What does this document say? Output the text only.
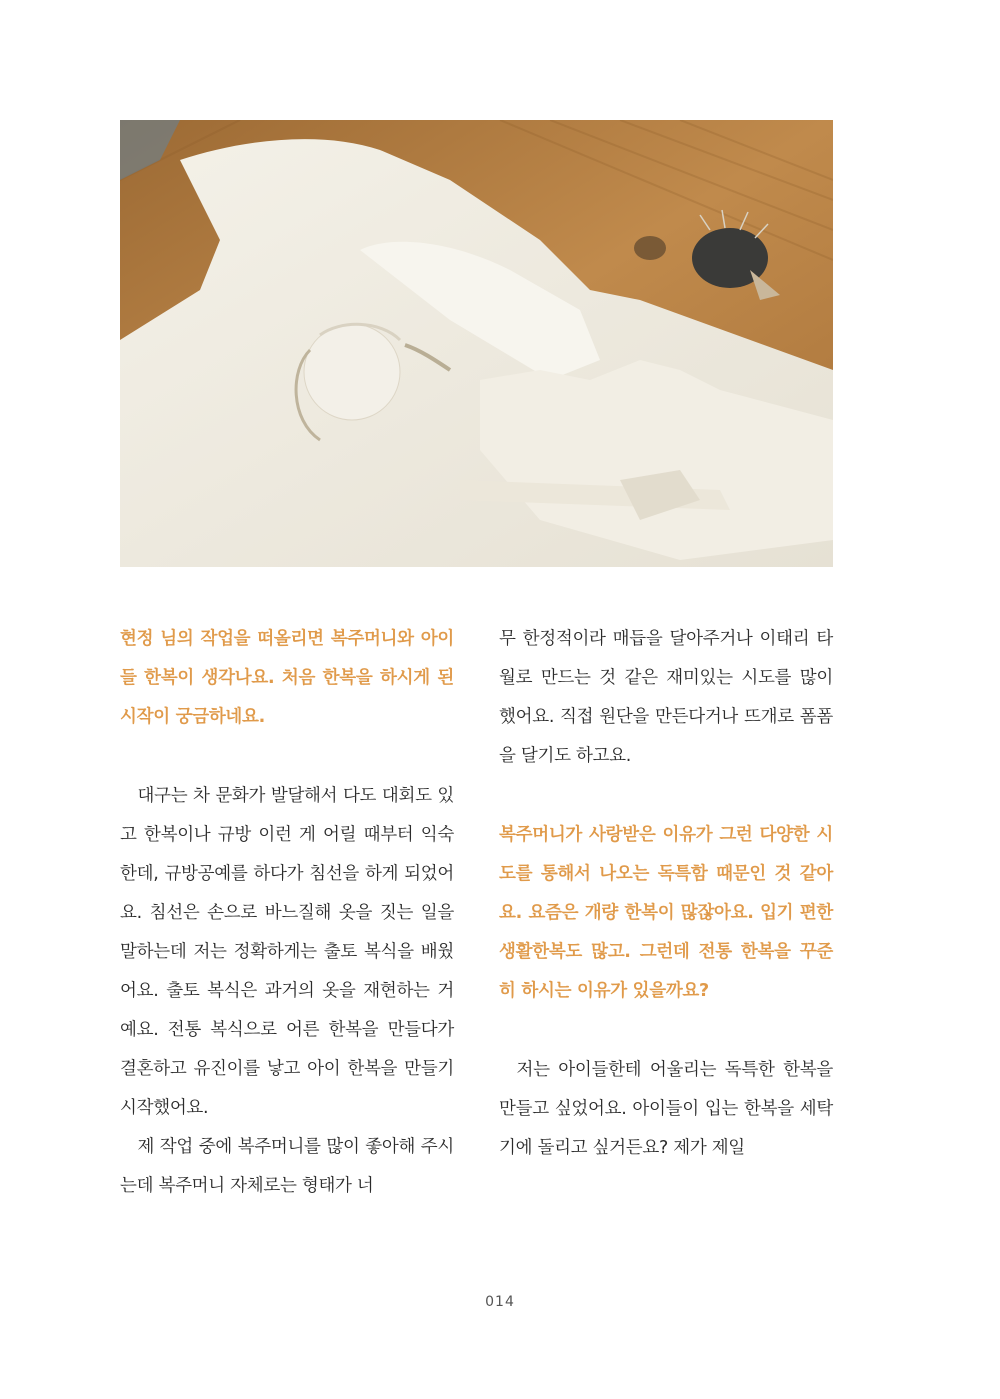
현정 님의 작업을 떠올리면 복주머니와 아이들 한복이 생각나요. 처음 한복을 하시게 된 시작이 궁금하네요.

대구는 차 문화가 발달해서 다도 대회도 있고 한복이나 규방 이런 게 어릴 때부터 익숙한데, 규방공예를 하다가 침선을 하게 되었어요. 침선은 손으로 바느질해 옷을 짓는 일을 말하는데 저는 정확하게는 출토 복식을 배웠어요. 출토 복식은 과거의 옷을 재현하는 거예요. 전통 복식으로 어른 한복을 만들다가 결혼하고 유진이를 낳고 아이 한복을 만들기 시작했어요.

제 작업 중에 복주머니를 많이 좋아해 주시는데 복주머니 자체로는 형태가 너

무 한정적이라 매듭을 달아주거나 이태리 타월로 만드는 것 같은 재미있는 시도를 많이 했어요. 직접 원단을 만든다거나 뜨개로 폼폼을 달기도 하고요.

복주머니가 사랑받은 이유가 그런 다양한 시도를 통해서 나오는 독특함 때문인 것 같아요. 요즘은 개량 한복이 많잖아요. 입기 편한 생활한복도 많고. 그런데 전통 한복을 꾸준히 하시는 이유가 있을까요?

저는 아이들한테 어울리는 독특한 한복을 만들고 싶었어요. 아이들이 입는 한복을 세탁기에 돌리고 싶거든요? 제가 제일

014
